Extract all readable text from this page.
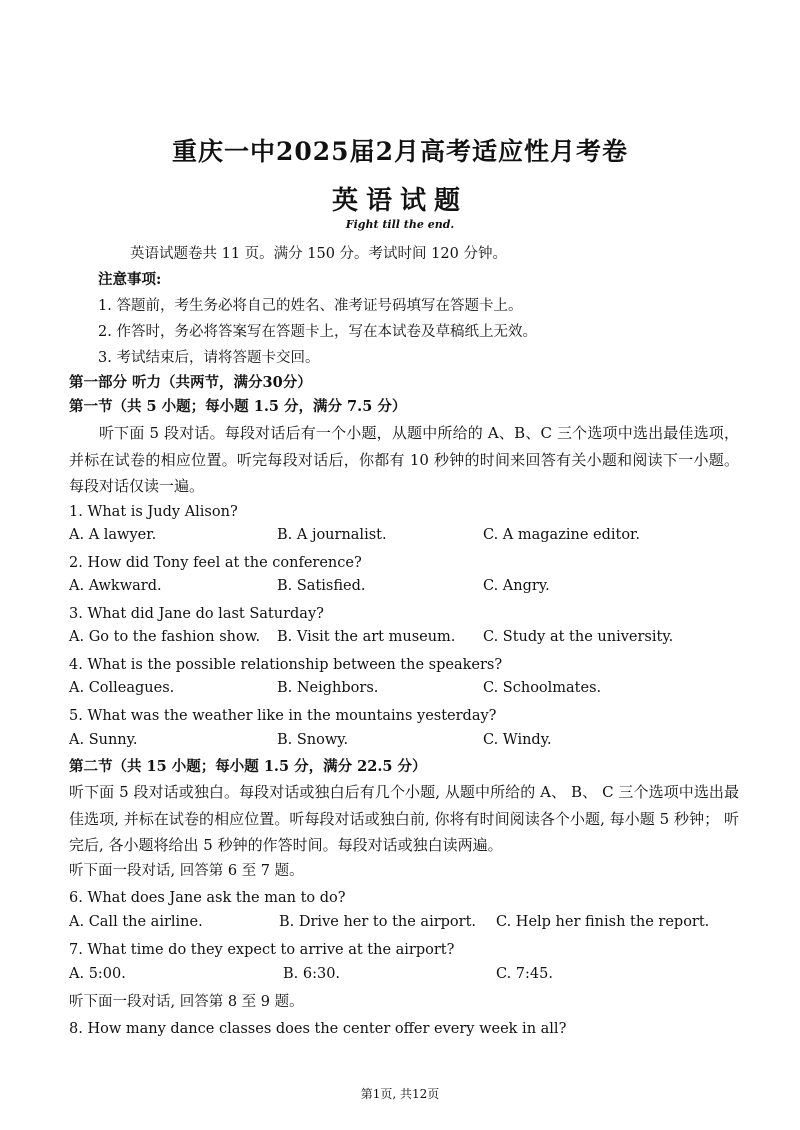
重庆一中2025届2月高考适应性月考卷
英语试题
Fight till the end.
英语试题卷共 11 页。满分 150 分。考试时间 120 分钟。
注意事项:
1. 答题前，考生务必将自己的姓名、准考证号码填写在答题卡上。
2. 作答时，务必将答案写在答题卡上，写在本试卷及草稿纸上无效。
3. 考试结束后，请将答题卡交回。
第一部分 听力（共两节，满分30分）
第一节（共 5 小题；每小题 1.5 分，满分 7.5 分）
听下面 5 段对话。每段对话后有一个小题，从题中所给的 A、B、C 三个选项中选出最佳选项，并标在试卷的相应位置。听完每段对话后，你都有 10 秒钟的时间来回答有关小题和阅读下一小题。每段对话仅读一遍。
1. What is Judy Alison?
A. A lawyer.	B. A journalist.	C. A magazine editor.
2. How did Tony feel at the conference?
A. Awkward.	B. Satisfied.	C. Angry.
3. What did Jane do last Saturday?
A. Go to the fashion show. B. Visit the art museum. C. Study at the university.
4. What is the possible relationship between the speakers?
A. Colleagues.	B. Neighbors.	C. Schoolmates.
5. What was the weather like in the mountains yesterday?
A. Sunny.	B. Snowy.	C. Windy.
第二节（共 15 小题；每小题 1.5 分，满分 22.5 分）
听下面 5 段对话或独白。每段对话或独白后有几个小题, 从题中所给的 A、 B、 C 三个选项中选出最佳选项, 并标在试卷的相应位置。听每段对话或独白前, 你将有时间阅读各个小题, 每小题 5 秒钟； 听完后, 各小题将给出 5 秒钟的作答时间。每段对话或独白读两遍。
听下面一段对话, 回答第 6 至 7 题。
6. What does Jane ask the man to do?
A. Call the airline.	B. Drive her to the airport. C. Help her finish the report.
7. What time do they expect to arrive at the airport?
A. 5:00.	B. 6:30.	C. 7:45.
听下面一段对话, 回答第 8 至 9 题。
8. How many dance classes does the center offer every week in all?
第1页, 共12页
